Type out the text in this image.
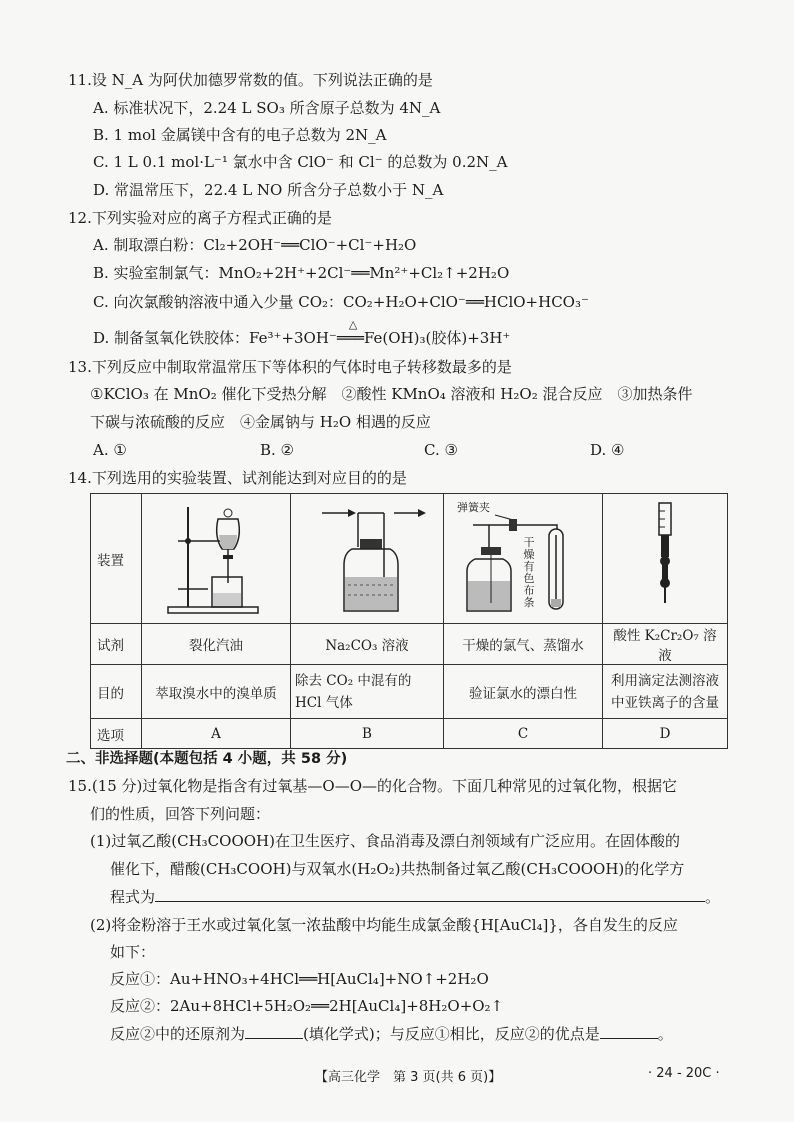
11.设 N_A 为阿伏加德罗常数的值。下列说法正确的是
A. 标准状况下，2.24 L SO₃ 所含原子总数为 4N_A
B. 1 mol 金属镁中含有的电子总数为 2N_A
C. 1 L 0.1 mol·L⁻¹ 氯水中含 ClO⁻ 和 Cl⁻ 的总数为 0.2N_A
D. 常温常压下，22.4 L NO 所含分子总数小于 N_A
12.下列实验对应的离子方程式正确的是
A. 制取漂白粉：Cl₂+2OH⁻══ClO⁻+Cl⁻+H₂O
B. 实验室制氯气：MnO₂+2H⁺+2Cl⁻══Mn²⁺+Cl₂↑+2H₂O
C. 向次氯酸钠溶液中通入少量 CO₂：CO₂+H₂O+ClO⁻══HClO+HCO₃⁻
D. 制备氢氧化铁胶体：Fe³⁺+3OH⁻
△
═══Fe(OH)₃(胶体)+3H⁺
13.下列反应中制取常温常压下等体积的气体时电子转移数最多的是
①KClO₃ 在 MnO₂ 催化下受热分解　②酸性 KMnO₄ 溶液和 H₂O₂ 混合反应　③加热条件
下碳与浓硫酸的反应　④金属钠与 H₂O 相遇的反应
A. ①	B. ②	C. ③	D. ④
14.下列选用的实验装置、试剂能达到对应目的的是
装置			弹簧夹
干燥有色布条

试剂	裂化汽油	Na₂CO₃ 溶液	干燥的氯气、蒸馏水	酸性 K₂Cr₂O₇ 溶液
目的	萃取溴水中的溴单质	除去 CO₂ 中混有的 HCl 气体	验证氯水的漂白性	利用滴定法测溶液中亚铁离子的含量
选项	A	B	C	D
二、非选择题(本题包括 4 小题，共 58 分)
15.(15 分)过氧化物是指含有过氧基—O—O—的化合物。下面几种常见的过氧化物，根据它
们的性质，回答下列问题：
(1)过氧乙酸(CH₃COOOH)在卫生医疗、食品消毒及漂白剂领域有广泛应用。在固体酸的
催化下，醋酸(CH₃COOH)与双氧水(H₂O₂)共热制备过氧乙酸(CH₃COOOH)的化学方
程式为	。
(2)将金粉溶于王水或过氧化氢一浓盐酸中均能生成氯金酸{H[AuCl₄]}，各自发生的反应
如下：
反应①：Au+HNO₃+4HCl══H[AuCl₄]+NO↑+2H₂O
反应②：2Au+8HCl+5H₂O₂══2H[AuCl₄]+8H₂O+O₂↑
反应②中的还原剂为	(填化学式)；与反应①相比，反应②的优点是	。
【高三化学　第 3 页(共 6 页)】	· 24 - 20C ·
